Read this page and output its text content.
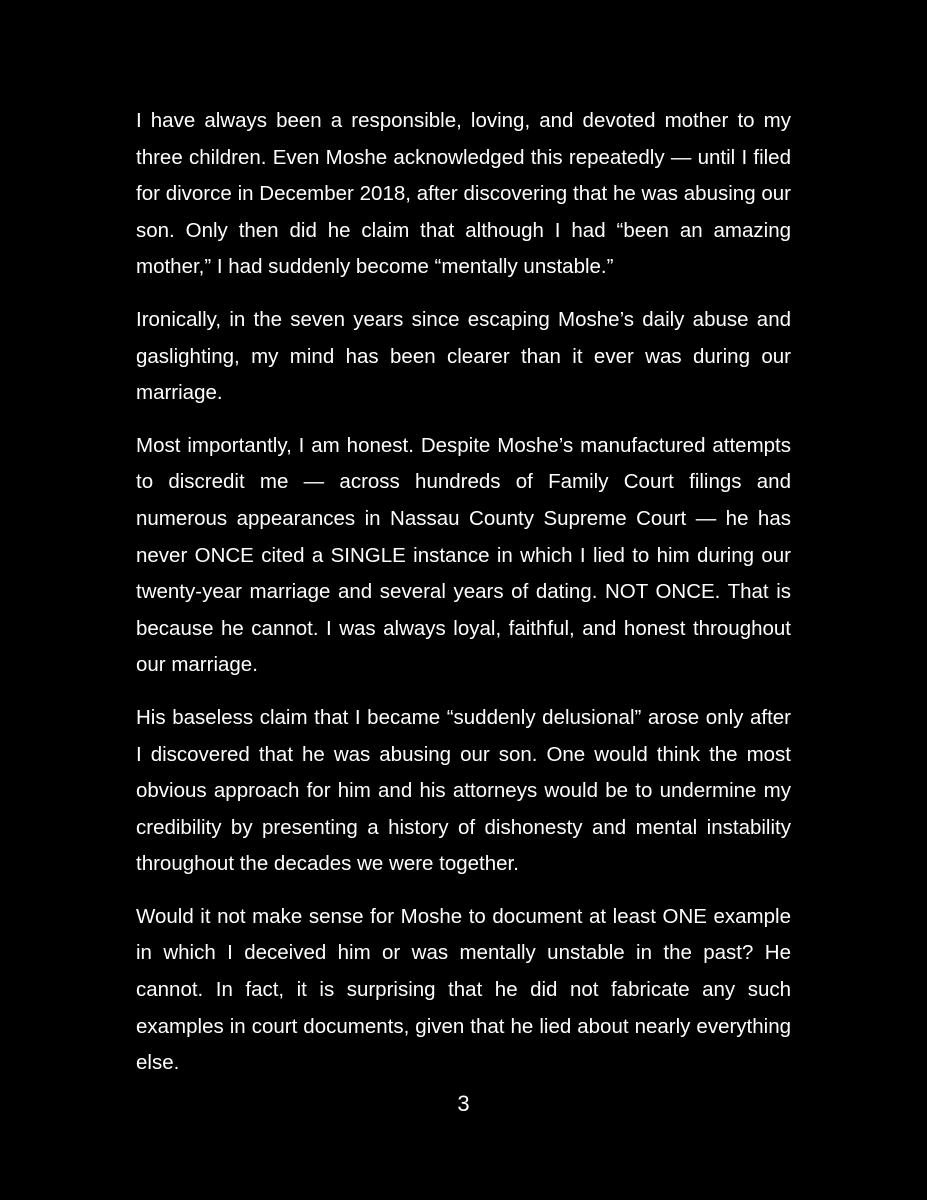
I have always been a responsible, loving, and devoted mother to my three children. Even Moshe acknowledged this repeatedly — until I filed for divorce in December 2018, after discovering that he was abusing our son. Only then did he claim that although I had “been an amazing mother,” I had suddenly become “mentally unstable.”

Ironically, in the seven years since escaping Moshe’s daily abuse and gaslighting, my mind has been clearer than it ever was during our marriage.

Most importantly, I am honest. Despite Moshe’s manufactured attempts to discredit me — across hundreds of Family Court filings and numerous appearances in Nassau County Supreme Court — he has never ONCE cited a SINGLE instance in which I lied to him during our twenty-year marriage and several years of dating. NOT ONCE. That is because he cannot. I was always loyal, faithful, and honest throughout our marriage.

His baseless claim that I became “suddenly delusional” arose only after I discovered that he was abusing our son. One would think the most obvious approach for him and his attorneys would be to undermine my credibility by presenting a history of dishonesty and mental instability throughout the decades we were together.

Would it not make sense for Moshe to document at least ONE example in which I deceived him or was mentally unstable in the past? He cannot. In fact, it is surprising that he did not fabricate any such examples in court documents, given that he lied about nearly everything else.

3
